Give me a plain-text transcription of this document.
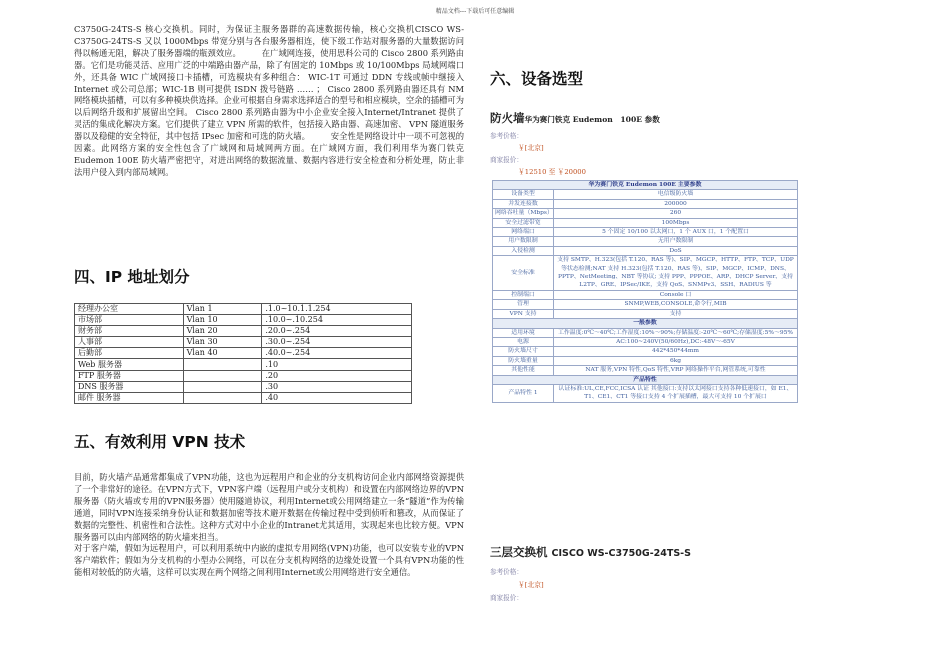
精品文档---下载后可任意编辑

C3750G-24TS-S 核心交换机。同时，为保证主服务器群的高速数据传输，核心交换机CISCO WS-C3750G-24TS-S 又以 1000Mbps 带宽分别与各台服务器相连，使下级工作站对服务器的大量数据访问得以畅通无阻，解决了服务器端的瓶颈效应。　　　在广域网连接，使用思科公司的 Cisco 2800 系列路由器。它们是功能灵活、应用广泛的中端路由器产品，除了有固定的 10Mbps 或 10/100Mbps 局域网端口外，还具备 WIC 广域网接口卡插槽，可选模块有多种组合： WIC-1T 可通过 DDN 专线或帧中继接入 Internet 或公司总部；WIC-1B 则可提供 ISDN 拨号链路 …… ； Cisco 2800 系列路由器还具有 NM 网络模块插槽，可以有多种模块供选择。企业可根据自身需求选择适合的型号和相应模块，空余的插槽可为以后网络升级和扩展留出空间。 Cisco 2800 系列路由器为中小企业安全接入Internet/Intranet 提供了灵活的集成化解决方案。它们提供了建立 VPN 所需的软件，包括接入路由器、高速加密、 VPN 隧道服务器以及稳健的安全特征，其中包括 IPsec 加密和可选的防火墙。　　　安全性是网络设计中一项不可忽视的因素。此网络方案的安全性包含了广域网和局域网两方面。在广域网方面，我们利用华为赛门铁克 Eudemon 100E 防火墙严密把守，对进出网络的数据流量、数据内容进行安全检查和分析处理，防止非法用户侵入到内部局域网。

四、IP 地址划分
经理办公室	Vlan 1	.1.0~10.1.1.254
市场部	Vlan 10	.10.0~.10.254
财务部	Vlan 20	.20.0~.254
人事部	Vlan 30	.30.0~.254
后勤部	Vlan 40	.40.0~.254
Web 服务器		.10
FTP 服务器		.20
DNS 服务器		.30
邮件 服务器		.40
五、有效利用 VPN 技术

目前，防火墙产品通常都集成了VPN功能，这也为远程用户和企业的分支机构访问企业内部网络资源提供了一个非常好的途径。在VPN方式下，VPN客户端（远程用户或分支机构）和设置在内部网络边界的VPN服务器（防火墙或专用的VPN服务器）使用隧道协议，利用Internet或公用网络建立一条“隧道”作为传输通道，同时VPN连接采纳身份认证和数据加密等技术避开数据在传输过程中受到侦听和篡改，从而保证了数据的完整性、机密性和合法性。这种方式对中小企业的Intranet尤其适用，实现起来也比较方便。VPN服务器可以由内部网络的防火墙来担当。

对于客户端，假如为远程用户，可以利用系统中内嵌的虚拟专用网络(VPN)功能，也可以安装专业的VPN客户端软件；假如为分支机构的小型办公网络，可以在分支机构网络的边缘处设置一个具有VPN功能的性能相对较低的防火墙，这样可以实现在两个网络之间利用Internet或公用网络进行安全通信。

六、设备选型
防火墙华为赛门铁克 Eudemon　100E 参数
参考价格：
￥[北京]
商家报价：
￥12510 至 ￥20000
华为赛门铁克 Eudemon 100E 主要参数	
设备类型	电信级防火墙
并发连接数	200000
网络吞吐量（Mbps）	260
安全过滤带宽	100Mbps
网络端口	5 个固定 10/100 以太网口，1 个 AUX 口，1 个配置口
用户数限制	无用户数限制
入侵检测	DoS
安全标准	支持 SMTP、H.323(包括 T.120、RAS 等)、SIP、MGCP、HTTP、FTP、TCP、UDP 等状态检测;NAT 支持 H.323(包括 T.120、RAS 等)、SIP、MGCP、ICMP、DNS、PPTP、NetMeeting、NBT 等协议; 支持 PPP、PPPOE、ARP、DHCP Server、支持 L2TP、GRE、IPSec/IKE，支持 QoS、SNMPv3、SSH、RADIUS 等
控制端口	Console 口
管理	SNMP,WEB,CONSOLE,命令行,MIB
VPN 支持	支持
一般参数	
适用环境	工作温度:0℃～40℃;工作湿度:10%～90%;存储温度:-20℃～60℃;存储湿度:5%～95%
电源	AC:100~240V(50/60Hz),DC:-48V～-65V
防火墙尺寸	442*450*44mm
防火墙重量	6kg
其他性能	NAT 服务,VPN 特性,QoS 特性,VRP 网络操作平台,网管系统,可靠性
产品特性	
产品特性 1	认证标准:UL,CE,FCC,ICSA 认证 其他接口:支持以太网接口支持各种低速接口，如 E1、T1、CE1、CT1 等接口支持 4 个扩展插槽，最大可支持 10 个扩展口
三层交换机 CISCO WS-C3750G-24TS-S
参考价格：
￥[北京]
商家报价：
